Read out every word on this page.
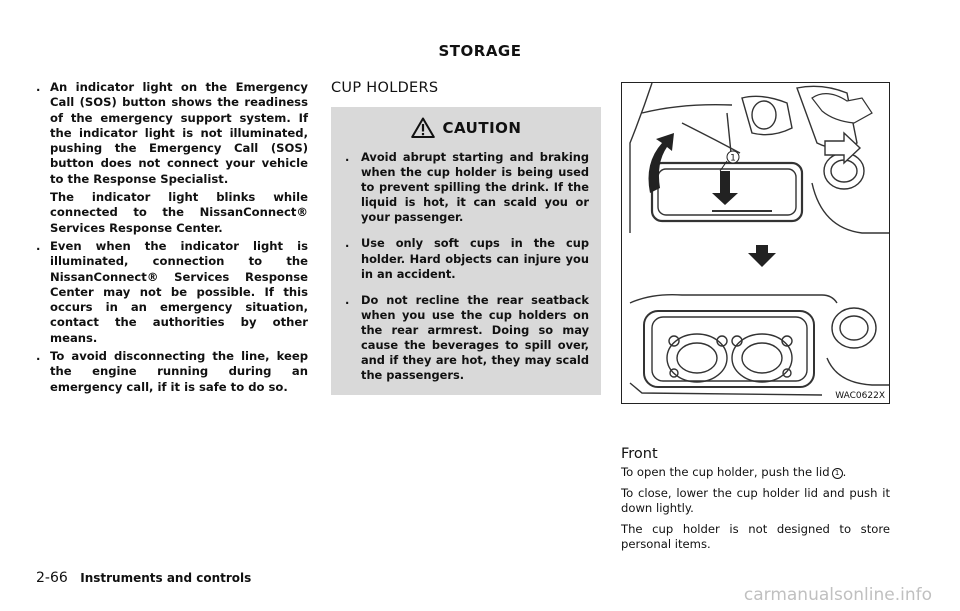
STORAGE
. An indicator light on the Emergency Call (SOS) button shows the readiness of the emergency support system. If the indicator light is not illuminated, pushing the Emergency Call (SOS) button does not connect your vehicle to the Response Specialist.

The indicator light blinks while connected to the NissanConnect® Services Response Center.

. Even when the indicator light is illuminated, connection to the NissanConnect® Services Response Center may not be possible. If this occurs in an emergency situation, contact the authorities by other means.

. To avoid disconnecting the line, keep the engine running during an emergency call, if it is safe to do so.

CUP HOLDERS
CAUTION
. Avoid abrupt starting and braking when the cup holder is being used to prevent spilling the drink. If the liquid is hot, it can scald you or your passenger.
. Use only soft cups in the cup holder. Hard objects can injure you in an accident.
. Do not recline the rear seatback when you use the cup holders on the rear armrest. Doing so may cause the beverages to spill over, and if they are hot, they may scald the passengers.
1
WAC0622X
Front

To open the cup holder, push the lid 1 .

To close, lower the cup holder lid and push it down lightly.

The cup holder is not designed to store personal items.

2-66 Instruments and controls
carmanualsonline.info
